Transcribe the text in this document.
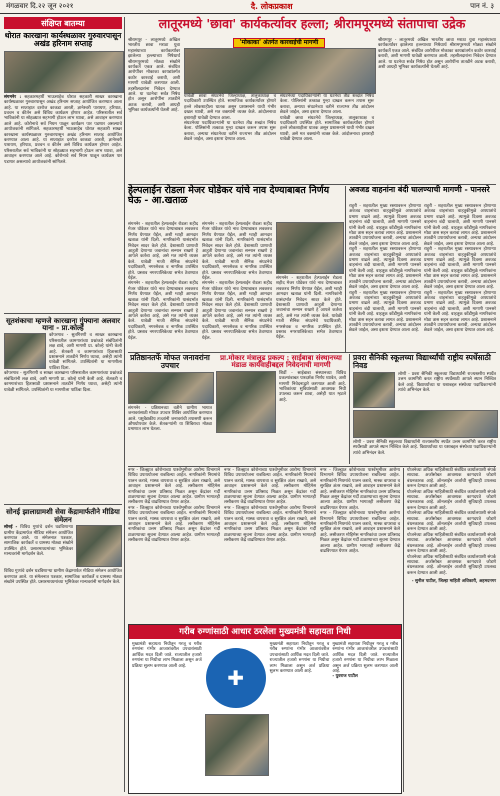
मंगळवार दि.२२ जून २०२१	दै. लोकप्रकाश	पान नं. ३
संक्षिप्त बातम्या
थोरात कारखाना कार्यस्थळावर गुरुवारपासून अखंड हरिनाम सप्ताह
संगमनेर : सहकारमहर्षी भाऊसाहेब थोरात सहकारी साखर कारखाना कार्यस्थळावर गुरुवारपासून अखंड हरिनाम सप्ताह आयोजित करण्यात आला आहे. या सप्ताहात दररोज काकडा आरती, ज्ञानेश्वरी पारायण, हरिपाठ, प्रवचन व कीर्तन असे विविध कार्यक्रम होणार आहेत. परिसरातील सर्व भाविकांनी या सोहळ्यात सहभागी होऊन लाभ घ्यावा, असे आवाहन करण्यात आले आहे. कोरोनाचे सर्व नियम पाळून कार्यक्रम पार पडणार असल्याचे आयोजकांनी सांगितले. सहकारमहर्षी भाऊसाहेब थोरात सहकारी साखर कारखाना कार्यस्थळावर गुरुवारपासून अखंड हरिनाम सप्ताह आयोजित करण्यात आला आहे. या सप्ताहात दररोज काकडा आरती, ज्ञानेश्वरी पारायण, हरिपाठ, प्रवचन व कीर्तन असे विविध कार्यक्रम होणार आहेत. परिसरातील सर्व भाविकांनी या सोहळ्यात सहभागी होऊन लाभ घ्यावा, असे आवाहन करण्यात आले आहे. कोरोनाचे सर्व नियम पाळून कार्यक्रम पार पडणार असल्याचे आयोजकांनी सांगितले.
सूतशंकाचा म्हणजे कारखाना गुंफ्याना अलवार याना - प्रा.कोल्हे
कोपरगाव - सुतगिरणी व साखर कारखाना परिसरातील कामगारांच्या प्रश्नांकडे संबंधितांनी लक्ष द्यावे, अशी मागणी प्रा. कोल्हे यांनी केली आहे. शेतकरी व कामगारांच्या हितासाठी प्रशासनाने तातडीने निर्णय घ्यावा, असेही त्यांनी यावेळी सांगितले. उपस्थितांनी या मागणीला पाठिंबा दिला.
कोपरगाव - सुतगिरणी व साखर कारखाना परिसरातील कामगारांच्या प्रश्नांकडे संबंधितांनी लक्ष द्यावे, अशी मागणी प्रा. कोल्हे यांनी केली आहे. शेतकरी व कामगारांच्या हितासाठी प्रशासनाने तातडीने निर्णय घ्यावा, असेही त्यांनी यावेळी सांगितले. उपस्थितांनी या मागणीला पाठिंबा दिला.
सोनई झालाग्रामशी सेवा केंद्रामार्फतीने मीडिया संमेलन
सोनई - विविध गुणांचे दर्शन घडविणाऱ्या ग्रामीण केंद्रामार्फत मीडिया संमेलन आयोजित करण्यात आले. या संमेलनात पत्रकार, सामाजिक कार्यकर्ते व ग्रामस्थ मोठ्या संख्येने उपस्थित होते. प्रसारमाध्यमांच्या भूमिकेवर मान्यवरांनी मार्गदर्शन केले.
विविध गुणांचे दर्शन घडविणाऱ्या ग्रामीण केंद्रामार्फत मीडिया संमेलन आयोजित करण्यात आले. या संमेलनात पत्रकार, सामाजिक कार्यकर्ते व ग्रामस्थ मोठ्या संख्येने उपस्थित होते. प्रसारमाध्यमांच्या भूमिकेवर मान्यवरांनी मार्गदर्शन केले.
लातूरमध्ये 'छावा' कार्यकर्त्यावर हल्ला; श्रीरामपूरमध्ये संतापाचा उद्रेक
श्रीरामपूर - लातूरमध्ये अखिल भारतीय छावा मराठा युवा महासंघाच्या कार्यकर्त्यावर झालेल्या हल्ल्याच्या निषेधार्थ श्रीरामपूरमध्ये मोठ्या संख्येने कार्यकर्ते एकत्र आले. संबंधित आरोपींवर मोकाका कायद्यांतर्गत कठोर कारवाई करावी, अशी मागणी यावेळी करण्यात आली. तहसीलदारांना निवेदन देण्यात आले. या घटनेचा सर्वत्र निषेध होत असून आरोपींना तातडीने अटक करावी, अशी आग्रही भूमिका कार्यकर्त्यांनी घेतली आहे.
'मोकाका' अंतर्गत कारवाईची मागणी
यावेळी छावा संघटनेचे जिल्हाध्यक्ष, तालुकाध्यक्ष व पदाधिकारी उपस्थित होते. सामाजिक कार्यकर्त्यांवर होणारे हल्ले लोकशाहीला घातक असून प्रशासनाने याची गंभीर दखल घ्यावी, असे मत वक्त्यांनी व्यक्त केले. आंदोलनाचा इशाराही यावेळी देण्यात आला.
संघटनेच्या पदाधिकाऱ्यांनी या घटनेचा तीव्र शब्दांत निषेध केला. पोलिसांनी तत्काळ गुन्हा दाखल करून तपास सुरू करावा, अन्यथा संघटनेच्या वतीने राज्यभर तीव्र आंदोलन छेडले जाईल, असा इशारा देण्यात आला.
संघटनेच्या पदाधिकाऱ्यांनी या घटनेचा तीव्र शब्दांत निषेध केला. पोलिसांनी तत्काळ गुन्हा दाखल करून तपास सुरू करावा, अन्यथा संघटनेच्या वतीने राज्यभर तीव्र आंदोलन छेडले जाईल, असा इशारा देण्यात आला.
यावेळी छावा संघटनेचे जिल्हाध्यक्ष, तालुकाध्यक्ष व पदाधिकारी उपस्थित होते. सामाजिक कार्यकर्त्यांवर होणारे हल्ले लोकशाहीला घातक असून प्रशासनाने याची गंभीर दखल घ्यावी, असे मत वक्त्यांनी व्यक्त केले. आंदोलनाचा इशाराही यावेळी देण्यात आला.
श्रीरामपूर - लातूरमध्ये अखिल भारतीय छावा मराठा युवा महासंघाच्या कार्यकर्त्यावर झालेल्या हल्ल्याच्या निषेधार्थ श्रीरामपूरमध्ये मोठ्या संख्येने कार्यकर्ते एकत्र आले. संबंधित आरोपींवर मोकाका कायद्यांतर्गत कठोर कारवाई करावी, अशी मागणी यावेळी करण्यात आली. तहसीलदारांना निवेदन देण्यात आले. या घटनेचा सर्वत्र निषेध होत असून आरोपींना तातडीने अटक करावी, अशी आग्रही भूमिका कार्यकर्त्यांनी घेतली आहे.
हेल्पलाईन रोडला मेजर घोडेकर यांचे नाव देण्याबाबत निर्णय घेऊ - आ.खताळ
संगमनेर - शहरातील हेल्पलाईन रोडला शहीद मेजर घोडेकर यांचे नाव देण्याबाबत लवकरच निर्णय घेण्यात येईल, अशी ग्वाही आमदार खताळ यांनी दिली. नागरिकांनी यासंदर्भात निवेदन सादर केले होते. देशासाठी प्राणाची आहुती देणाऱ्या जवानांचा सन्मान राखणे हे आपले कर्तव्य आहे, असे मत त्यांनी व्यक्त केले. यावेळी माजी सैनिक संघटनेचे पदाधिकारी, नगरसेवक व नागरिक उपस्थित होते. प्रस्ताव नगरपालिकेच्या सभेत ठेवण्यात येईल.
संगमनेर - शहरातील हेल्पलाईन रोडला शहीद मेजर घोडेकर यांचे नाव देण्याबाबत लवकरच निर्णय घेण्यात येईल, अशी ग्वाही आमदार खताळ यांनी दिली. नागरिकांनी यासंदर्भात निवेदन सादर केले होते. देशासाठी प्राणाची आहुती देणाऱ्या जवानांचा सन्मान राखणे हे आपले कर्तव्य आहे, असे मत त्यांनी व्यक्त केले. यावेळी माजी सैनिक संघटनेचे पदाधिकारी, नगरसेवक व नागरिक उपस्थित होते. प्रस्ताव नगरपालिकेच्या सभेत ठेवण्यात येईल.
संगमनेर - शहरातील हेल्पलाईन रोडला शहीद मेजर घोडेकर यांचे नाव देण्याबाबत लवकरच निर्णय घेण्यात येईल, अशी ग्वाही आमदार खताळ यांनी दिली. नागरिकांनी यासंदर्भात निवेदन सादर केले होते. देशासाठी प्राणाची आहुती देणाऱ्या जवानांचा सन्मान राखणे हे आपले कर्तव्य आहे, असे मत त्यांनी व्यक्त केले. यावेळी माजी सैनिक संघटनेचे पदाधिकारी, नगरसेवक व नागरिक उपस्थित होते. प्रस्ताव नगरपालिकेच्या सभेत ठेवण्यात येईल.
संगमनेर - शहरातील हेल्पलाईन रोडला शहीद मेजर घोडेकर यांचे नाव देण्याबाबत लवकरच निर्णय घेण्यात येईल, अशी ग्वाही आमदार खताळ यांनी दिली. नागरिकांनी यासंदर्भात निवेदन सादर केले होते. देशासाठी प्राणाची आहुती देणाऱ्या जवानांचा सन्मान राखणे हे आपले कर्तव्य आहे, असे मत त्यांनी व्यक्त केले. यावेळी माजी सैनिक संघटनेचे पदाधिकारी, नगरसेवक व नागरिक उपस्थित होते. प्रस्ताव नगरपालिकेच्या सभेत ठेवण्यात येईल.
संगमनेर - शहरातील हेल्पलाईन रोडला शहीद मेजर घोडेकर यांचे नाव देण्याबाबत लवकरच निर्णय घेण्यात येईल, अशी ग्वाही आमदार खताळ यांनी दिली. नागरिकांनी यासंदर्भात निवेदन सादर केले होते. देशासाठी प्राणाची आहुती देणाऱ्या जवानांचा सन्मान राखणे हे आपले कर्तव्य आहे, असे मत त्यांनी व्यक्त केले. यावेळी माजी सैनिक संघटनेचे पदाधिकारी, नगरसेवक व नागरिक उपस्थित होते. प्रस्ताव नगरपालिकेच्या सभेत ठेवण्यात येईल.
अवजड वाहनांना बंदी घालण्याची मागणी - पानसरे
राहुरी - शहरातील मुख्य रस्त्यावरून होणाऱ्या अवजड वाहनांच्या वाहतुकीमुळे अपघातांचे प्रमाण वाढले आहे. त्यामुळे दिवसा अवजड वाहनांना बंदी घालावी, अशी मागणी पानसरे यांनी केली आहे. वाहतूक कोंडीमुळे नागरिकांना मोठा त्रास सहन करावा लागत आहे. प्रशासनाने तातडीने उपाययोजना करावी, अन्यथा आंदोलन छेडले जाईल, असा इशारा देण्यात आला आहे.
राहुरी - शहरातील मुख्य रस्त्यावरून होणाऱ्या अवजड वाहनांच्या वाहतुकीमुळे अपघातांचे प्रमाण वाढले आहे. त्यामुळे दिवसा अवजड वाहनांना बंदी घालावी, अशी मागणी पानसरे यांनी केली आहे. वाहतूक कोंडीमुळे नागरिकांना मोठा त्रास सहन करावा लागत आहे. प्रशासनाने तातडीने उपाययोजना करावी, अन्यथा आंदोलन छेडले जाईल, असा इशारा देण्यात आला आहे.
राहुरी - शहरातील मुख्य रस्त्यावरून होणाऱ्या अवजड वाहनांच्या वाहतुकीमुळे अपघातांचे प्रमाण वाढले आहे. त्यामुळे दिवसा अवजड वाहनांना बंदी घालावी, अशी मागणी पानसरे यांनी केली आहे. वाहतूक कोंडीमुळे नागरिकांना मोठा त्रास सहन करावा लागत आहे. प्रशासनाने तातडीने उपाययोजना करावी, अन्यथा आंदोलन छेडले जाईल, असा इशारा देण्यात आला आहे.
राहुरी - शहरातील मुख्य रस्त्यावरून होणाऱ्या अवजड वाहनांच्या वाहतुकीमुळे अपघातांचे प्रमाण वाढले आहे. त्यामुळे दिवसा अवजड वाहनांना बंदी घालावी, अशी मागणी पानसरे यांनी केली आहे. वाहतूक कोंडीमुळे नागरिकांना मोठा त्रास सहन करावा लागत आहे. प्रशासनाने तातडीने उपाययोजना करावी, अन्यथा आंदोलन छेडले जाईल, असा इशारा देण्यात आला आहे.
राहुरी - शहरातील मुख्य रस्त्यावरून होणाऱ्या अवजड वाहनांच्या वाहतुकीमुळे अपघातांचे प्रमाण वाढले आहे. त्यामुळे दिवसा अवजड वाहनांना बंदी घालावी, अशी मागणी पानसरे यांनी केली आहे. वाहतूक कोंडीमुळे नागरिकांना मोठा त्रास सहन करावा लागत आहे. प्रशासनाने तातडीने उपाययोजना करावी, अन्यथा आंदोलन छेडले जाईल, असा इशारा देण्यात आला आहे.
राहुरी - शहरातील मुख्य रस्त्यावरून होणाऱ्या अवजड वाहनांच्या वाहतुकीमुळे अपघातांचे प्रमाण वाढले आहे. त्यामुळे दिवसा अवजड वाहनांना बंदी घालावी, अशी मागणी पानसरे यांनी केली आहे. वाहतूक कोंडीमुळे नागरिकांना मोठा त्रास सहन करावा लागत आहे. प्रशासनाने तातडीने उपाययोजना करावी, अन्यथा आंदोलन छेडले जाईल, असा इशारा देण्यात आला आहे.
प्रतिष्ठानतर्फे मोफत जनावरांना उपचार
संगमनेर - प्रतिष्ठानच्या वतीने ग्रामीण भागात जनावरांसाठी मोफत उपचार शिबिर आयोजित करण्यात आले. पशुवैद्यकीय तज्ज्ञांनी जनावरांची तपासणी करून औषधोपचार केले. शेतकऱ्यांनी या शिबिराचा मोठ्या प्रमाणात लाभ घेतला.
प्रा.मोकार मंत्रालूढ प्रकल्प : साईबाबा संस्थानच्या मंडाळ कार्यवाहीबद्दल निवेदनाची मागणी
शिर्डी - साईबाबा संस्थानच्या विविध प्रकल्पांबाबत पारदर्शक निर्णय घ्यावेत, अशी मागणी निवेदनाद्वारे करण्यात आली आहे. भाविकांच्या सुविधांसाठी आवश्यक निधी उपलब्ध करून द्यावा, असेही यात म्हटले आहे.
प्रवरा सैनिकी स्कूलच्या विद्यार्थ्यांची राष्ट्रीय स्पर्धेसाठी निवड
लोणी - प्रवरा सैनिकी स्कूलच्या विद्यार्थ्यांनी राज्यस्तरीय स्पर्धेत उत्तम कामगिरी करत राष्ट्रीय स्पर्धेसाठी आपले स्थान निश्चित केले आहे. विद्यार्थ्यांच्या या यशाबद्दल संस्थेच्या पदाधिकाऱ्यांनी त्यांचे अभिनंदन केले.
लोणी - प्रवरा सैनिकी स्कूलच्या विद्यार्थ्यांनी राज्यस्तरीय स्पर्धेत उत्तम कामगिरी करत राष्ट्रीय स्पर्धेसाठी आपले स्थान निश्चित केले आहे. विद्यार्थ्यांच्या या यशाबद्दल संस्थेच्या पदाधिकाऱ्यांनी त्यांचे अभिनंदन केले.
नगर - जिल्ह्यात कोरोनाच्या पार्श्वभूमीवर आरोग्य विभागाने विविध उपाययोजना राबविल्या आहेत. नागरिकांनी नियमांचे पालन करावे, मास्क वापरावा व सुरक्षित अंतर राखावे, असे आवाहन प्रशासनाने केले आहे. लसीकरण मोहिमेस नागरिकांचा उत्तम प्रतिसाद मिळत असून केंद्रांवर गर्दी टाळण्याच्या सूचना देण्यात आल्या आहेत. ग्रामीण भागातही लसीकरण केंद्रे वाढविण्यात येणार आहेत.
नगर - जिल्ह्यात कोरोनाच्या पार्श्वभूमीवर आरोग्य विभागाने विविध उपाययोजना राबविल्या आहेत. नागरिकांनी नियमांचे पालन करावे, मास्क वापरावा व सुरक्षित अंतर राखावे, असे आवाहन प्रशासनाने केले आहे. लसीकरण मोहिमेस नागरिकांचा उत्तम प्रतिसाद मिळत असून केंद्रांवर गर्दी टाळण्याच्या सूचना देण्यात आल्या आहेत. ग्रामीण भागातही लसीकरण केंद्रे वाढविण्यात येणार आहेत.
नगर - जिल्ह्यात कोरोनाच्या पार्श्वभूमीवर आरोग्य विभागाने विविध उपाययोजना राबविल्या आहेत. नागरिकांनी नियमांचे पालन करावे, मास्क वापरावा व सुरक्षित अंतर राखावे, असे आवाहन प्रशासनाने केले आहे. लसीकरण मोहिमेस नागरिकांचा उत्तम प्रतिसाद मिळत असून केंद्रांवर गर्दी टाळण्याच्या सूचना देण्यात आल्या आहेत. ग्रामीण भागातही लसीकरण केंद्रे वाढविण्यात येणार आहेत.
नगर - जिल्ह्यात कोरोनाच्या पार्श्वभूमीवर आरोग्य विभागाने विविध उपाययोजना राबविल्या आहेत. नागरिकांनी नियमांचे पालन करावे, मास्क वापरावा व सुरक्षित अंतर राखावे, असे आवाहन प्रशासनाने केले आहे. लसीकरण मोहिमेस नागरिकांचा उत्तम प्रतिसाद मिळत असून केंद्रांवर गर्दी टाळण्याच्या सूचना देण्यात आल्या आहेत. ग्रामीण भागातही लसीकरण केंद्रे वाढविण्यात येणार आहेत.
नगर - जिल्ह्यात कोरोनाच्या पार्श्वभूमीवर आरोग्य विभागाने विविध उपाययोजना राबविल्या आहेत. नागरिकांनी नियमांचे पालन करावे, मास्क वापरावा व सुरक्षित अंतर राखावे, असे आवाहन प्रशासनाने केले आहे. लसीकरण मोहिमेस नागरिकांचा उत्तम प्रतिसाद मिळत असून केंद्रांवर गर्दी टाळण्याच्या सूचना देण्यात आल्या आहेत. ग्रामीण भागातही लसीकरण केंद्रे वाढविण्यात येणार आहेत.
नगर - जिल्ह्यात कोरोनाच्या पार्श्वभूमीवर आरोग्य विभागाने विविध उपाययोजना राबविल्या आहेत. नागरिकांनी नियमांचे पालन करावे, मास्क वापरावा व सुरक्षित अंतर राखावे, असे आवाहन प्रशासनाने केले आहे. लसीकरण मोहिमेस नागरिकांचा उत्तम प्रतिसाद मिळत असून केंद्रांवर गर्दी टाळण्याच्या सूचना देण्यात आल्या आहेत. ग्रामीण भागातही लसीकरण केंद्रे वाढविण्यात येणार आहेत.
योजनेच्या अधिक माहितीसाठी संबंधित कार्यालयाशी संपर्क साधावा. अर्जासोबत आवश्यक कागदपत्रे जोडणे बंधनकारक आहे. ऑनलाईन अर्जाची सुविधाही उपलब्ध करून देण्यात आली आहे.
योजनेच्या अधिक माहितीसाठी संबंधित कार्यालयाशी संपर्क साधावा. अर्जासोबत आवश्यक कागदपत्रे जोडणे बंधनकारक आहे. ऑनलाईन अर्जाची सुविधाही उपलब्ध करून देण्यात आली आहे.
योजनेच्या अधिक माहितीसाठी संबंधित कार्यालयाशी संपर्क साधावा. अर्जासोबत आवश्यक कागदपत्रे जोडणे बंधनकारक आहे. ऑनलाईन अर्जाची सुविधाही उपलब्ध करून देण्यात आली आहे.
योजनेच्या अधिक माहितीसाठी संबंधित कार्यालयाशी संपर्क साधावा. अर्जासोबत आवश्यक कागदपत्रे जोडणे बंधनकारक आहे. ऑनलाईन अर्जाची सुविधाही उपलब्ध करून देण्यात आली आहे.
योजनेच्या अधिक माहितीसाठी संबंधित कार्यालयाशी संपर्क साधावा. अर्जासोबत आवश्यक कागदपत्रे जोडणे बंधनकारक आहे. ऑनलाईन अर्जाची सुविधाही उपलब्ध करून देण्यात आली आहे.
- सुनील पाटील, जिल्हा माहिती अधिकारी, अहमदनगर
गरीब रुग्णांसाठी आधार ठरलेला मुख्यमंत्री सहायता निधी
मुख्यमंत्री सहायता निधीतून गरजू व गरीब रुग्णांना गंभीर आजारांवरील उपचारांसाठी आर्थिक मदत दिली जाते. राज्यातील हजारो रुग्णांना या निधीचा लाभ मिळाला असून अर्ज प्रक्रिया सुलभ करण्यात आली आहे.	✚
मुख्यमंत्री सहायता निधीतून गरजू व गरीब रुग्णांना गंभीर आजारांवरील उपचारांसाठी आर्थिक मदत दिली जाते. राज्यातील हजारो रुग्णांना या निधीचा लाभ मिळाला असून अर्ज प्रक्रिया सुलभ करण्यात आली आहे.
मुख्यमंत्री सहायता निधीतून गरजू व गरीब रुग्णांना गंभीर आजारांवरील उपचारांसाठी आर्थिक मदत दिली जाते. राज्यातील हजारो रुग्णांना या निधीचा लाभ मिळाला असून अर्ज प्रक्रिया सुलभ करण्यात आली आहे.
- युवराज पाटील
